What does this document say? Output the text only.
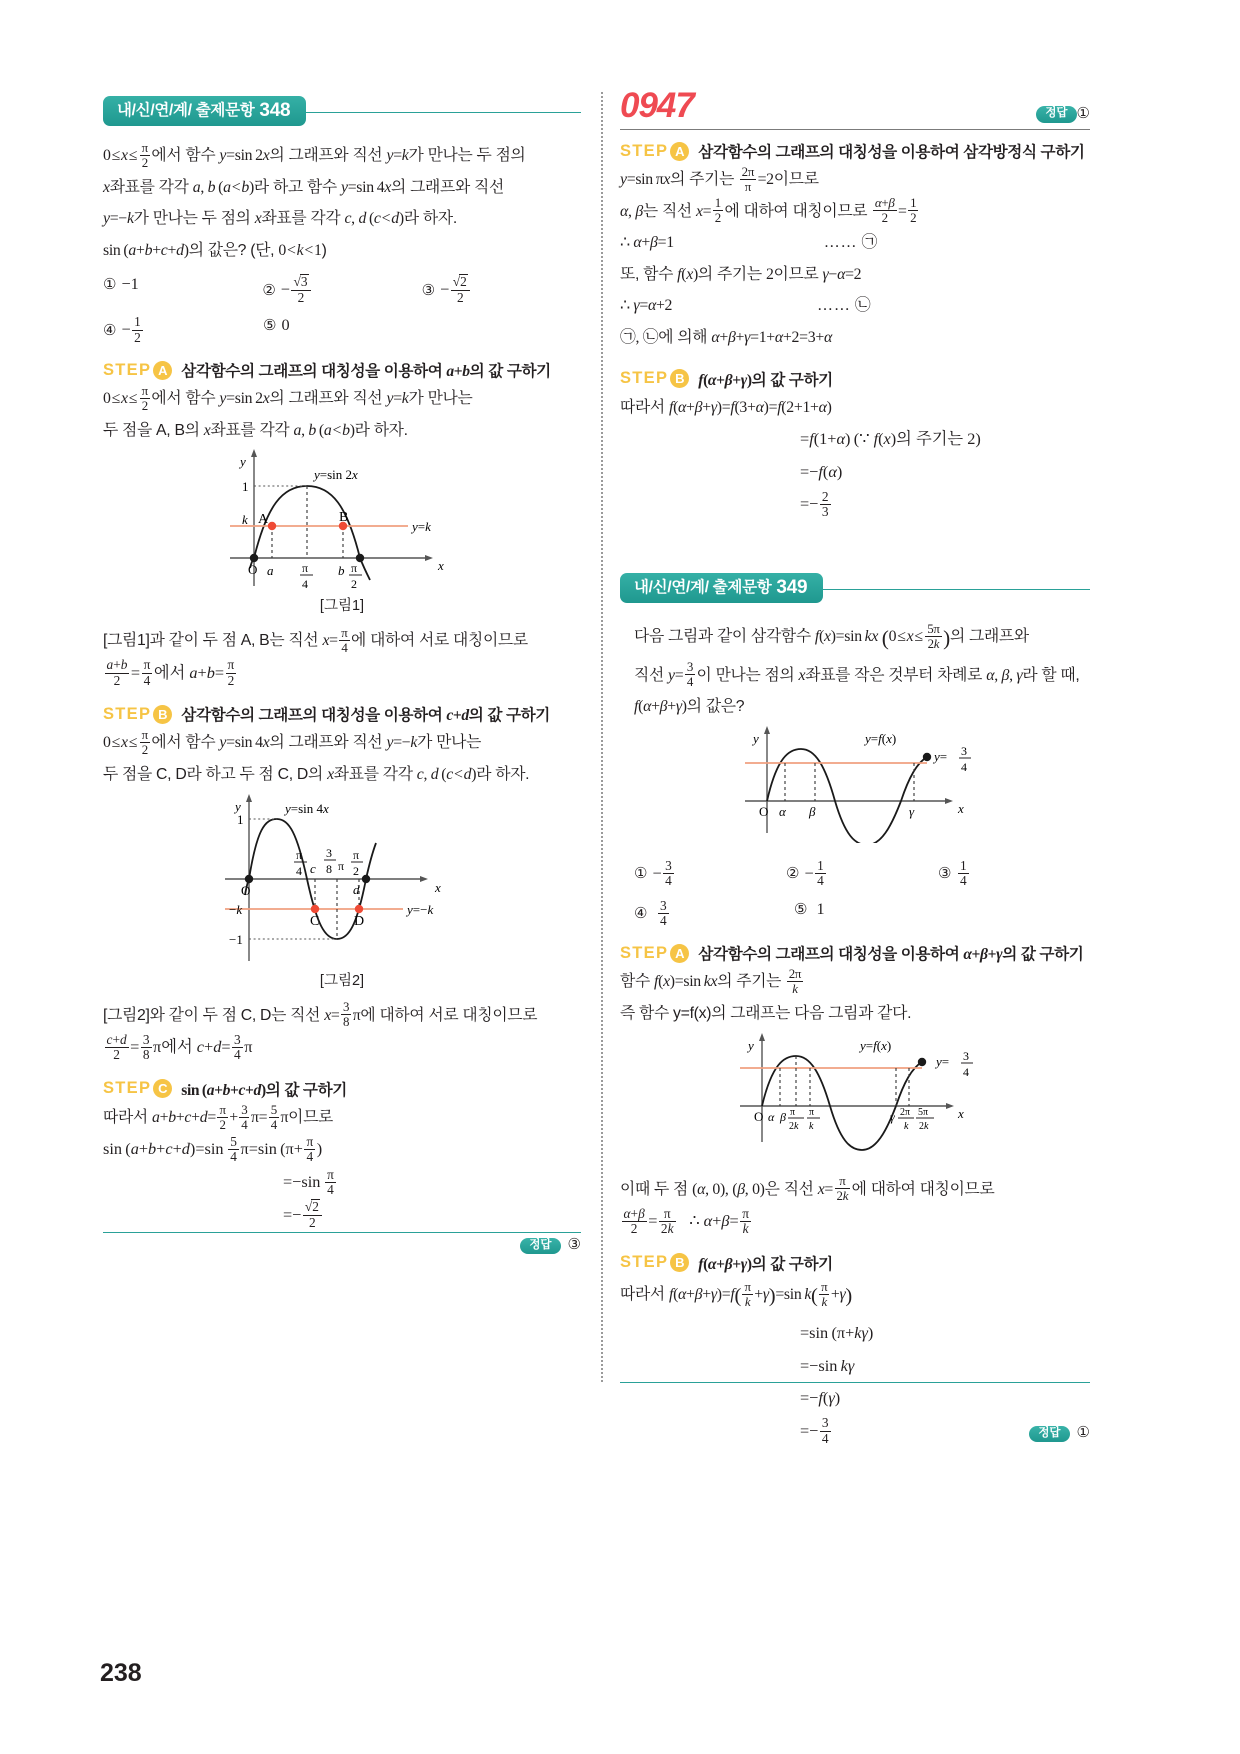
내/신/연/계/ 출제문항 348
0 ≤ x ≤  $\frac{\pi}{2}$ 에서 함수 y=sin 2x의 그래프와 직선 y=k가 만나는 두 점의
x좌표를 각각 a, b (a < b)라 하고 함수 y=sin 4x의 그래프와 직선
y=−k가 만나는 두 점의 x좌표를 각각 c, d (c < d)라 하자.
sin (a+b+c+d)의 값은? (단, 0 < k < 1)
① −1	② − $\frac{√3}{2}$	③ − $\frac{√2}{2}$
④ − $\frac{1}{2}$	⑤ 0
STEP A 삼각함수의 그래프의 대칭성을 이용하여 a+b의 값 구하기
0 ≤ x ≤  $\frac{\pi}{2}$ 에서 함수 y=sin 2x의 그래프와 직선 y=k가 만나는
두 점을 A, B의 x좌표를 각각 a, b (a < b)라 하자.
y
x
1
k A	B
y=k
y=sin 2x
O a π
4
b π
2
[그림1]
[그림1]과 같이 두 점 A, B는 직선 $x= \frac{\pi}{4}$ 에 대하여 서로 대칭이므로
$\frac{a+b}{2} = \frac{\pi}{4}$ 에서 $a+b= \frac{\pi}{2}$
STEP B 삼각함수의 그래프의 대칭성을 이용하여 c+d의 값 구하기
0 ≤ x ≤  $\frac{\pi}{2}$ 에서 함수 y=sin 4x의 그래프와 직선 y=−k가 만나는
두 점을 C, D라 하고 두 점 C, D의 x좌표를 각각 c, d (c < d)라 하자.
y
x
1
−1
−k
C D
y=−k
y=sin 4x
O
π
4 c
3
8 π
π
2
d
[그림2]
[그림2]와 같이 두 점 C, D는 직선 $x= \frac{3}{8}$ π에 대하여 서로 대칭이므로
$\frac{c+d}{2} = \frac{3}{8}$ π에서 $c+d= \frac{3}{4}$ π
STEP C sin (a+b+c+d)의 값 구하기
따라서 $a+b+c+d= \frac{\pi}{2} + \frac{3}{4} \pi= \frac{5}{4}$ π이므로
$\sin (a+b+c+d)=\sin \frac{5}{4} \pi=\sin$ ($\pi+ \frac{\pi}{4}$ )
$=-\sin \frac{\pi}{4}$
=− $\frac{√2}{2}$
정답 ③
0947	정답 ①
STEP A 삼각함수의 그래프의 대칭성을 이용하여 삼각방정식 구하기
y=sin πx의 주기는 $\frac{2\pi}{\pi} =2$이므로
α, β는 직선 $x= \frac{1}{2}$ 에 대하여 대칭이므로 $\frac{\alpha+\beta}{2} = \frac{1}{2}$
∴ α+β=1	…… ㉠
또, 함수 f(x)의 주기는 2이므로 γ−α=2
∴ γ=α+2	…… ㉡
㉠, ㉡에 의해 α+β+γ=1+α+2=3+α
STEP B f(α+β+γ)의 값 구하기
따라서 f(α+β+γ)=f(3+α)=f(2+1+α)
=f(1+α) (∵ f(x)의 주기는 2)
=−f(α)
=− $\frac{2}{3}$
내/신/연/계/ 출제문항 349
다음 그림과 같이 삼각함수 f(x)=sin kx (0 ≤ x ≤  $\frac{5\pi}{2k}$ )의 그래프와
직선 $y= \frac{3}{4}$ 이 만나는 점의 x좌표를 작은 것부터 차례로 α, β, γ라 할 때,
f(α+β+γ)의 값은?
y
x
O α β	γ
y=f(x)
y= 3
4
① − $\frac{3}{4}$	② − $\frac{1}{4}$	③ $\frac{1}{4}$
④ $\frac{3}{4}$	⑤ 1
STEP A 삼각함수의 그래프의 대칭성을 이용하여 α+β+γ의 값 구하기
함수 f(x)=sin kx의 주기는 $\frac{2\pi}{k}$
즉 함수 y=f(x)의 그래프는 다음 그림과 같다.
y
x
O α β π
2k
π
k
γ 2π
k
5π
2k
y=f(x)
y= 3
4
이때 두 점 (α, 0), (β, 0)은 직선 $x= \frac{\pi}{2k}$ 에 대하여 대칭이므로
$\frac{\alpha+\beta}{2} = \frac{\pi}{2k}$ ∴ $\alpha+\beta= \frac{\pi}{k}$
STEP B f(α+β+γ)의 값 구하기
따라서 $f(\alpha+\beta+\gamma)=f( \frac{\pi}{k} +\gamma)=\sin$ $k( \frac{\pi}{k} +\gamma)$
=sin (π+kγ)
=−sin kγ
=−f(γ)
=− $\frac{3}{4}$	정답 ①
238
